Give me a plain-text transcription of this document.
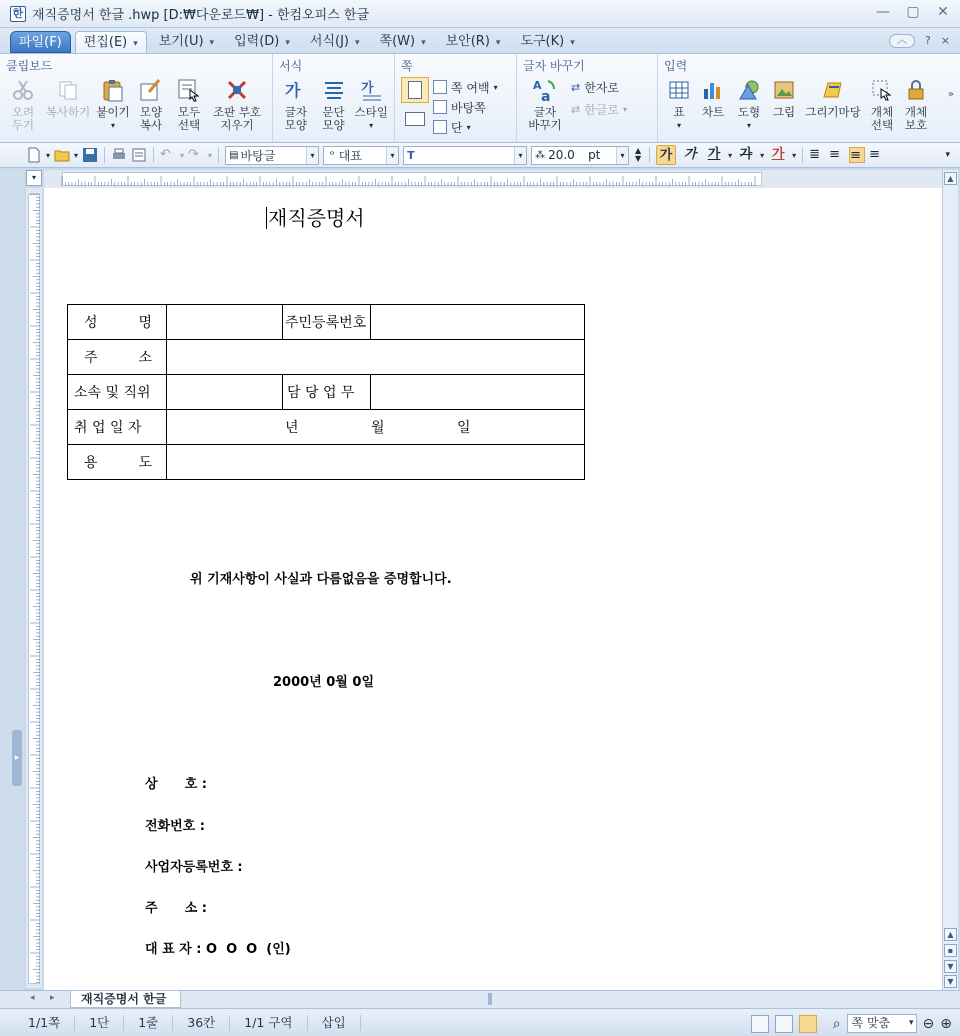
한 재직증명서 한글 .hwp [D:₩다운로드₩] - 한컴오피스 한글	— ▢ ✕
파일(F)	편집(E) ▾	보기(U) ▾	입력(D) ▾	서식(J) ▾	쪽(W) ▾	보안(R) ▾	도구(K) ▾	︿	? ×
클립보드
오려
두기
복사하기 붙이기
▾
모양
복사
모두
선택
조판 부호
지우기
서식
가
글자
모양
문단
모양
가
스타일
▾
쪽
쪽 여백 ▾
바탕쪽
단 ▾
글자 바꾸기
A
a
글자
바꾸기
⇄ 한자로
⇄ 한글로 ▾
입력
표
▾
차트 도형
▾
그림 그리기마당 개체
선택
개체
보호
»
▾	▾	↶	▾ ↷	▾ ▤ 바탕글	▾	ᄋ 대표	▾	T	▾	⁂ 20.0	pt	▾	▲
▼ 가 가 가 ▾ 가 ▾ 가 ▾ ≣ ≡ ≡ ≡	▾
▸
▾
재직증명서
성 명		주민등록번호	

주 소			

소속 및 직위		담 당 업 무	
취 업 일 자	년 월 일		

용 도			

위 기재사항이 사실과 다름없음을 증명합니다.
2000년 0월 0일
상      호 :
전화번호 :
사업자등록번호 :
주      소 :
대 표 자 : O  O  O  (인)
▲
▲
▪
▼
▼
◂ ▸	재직증명서 한글
1/1쪽	1단	1줄	36칸	1/1 구역	삽입	⌕ 쪽 맞춤 ▾ ⊖ ⊕
